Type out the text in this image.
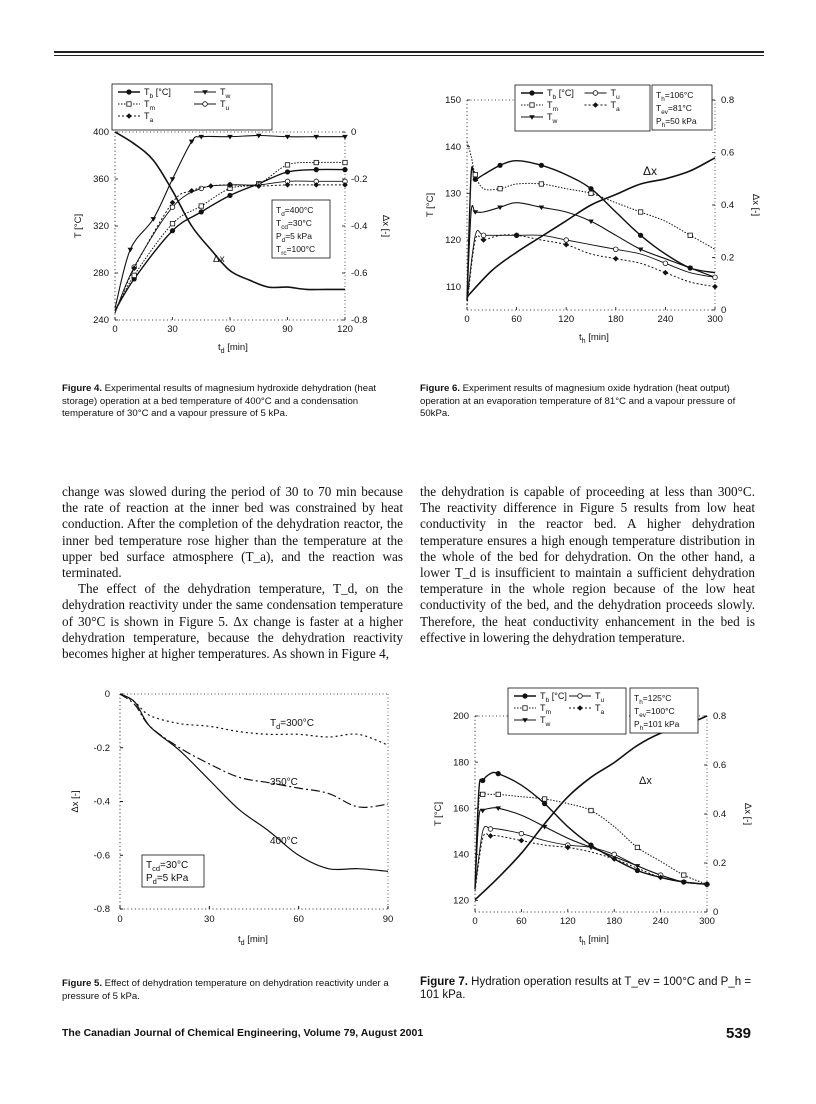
0	30	60	90	120
240
280
320
360
400
-0.8
-0.6
-0.4
-0.2
0
Δx [-]
$t_d$ [min]
T [°C]
$T_b$ [°C]	$T_w$
$T_m$	$T_u$
$T_a$
$T_d=400^\circ C$
$T_{cd}=30^\circ C$
$P_d=5$ kPa
$T_{rc}=100^\circ C$
Δx
Figure 4. Experimental results of magnesium hydroxide dehydration (heat storage) operation at a bed temperature of 400°C and a condensation temperature of 30°C and a vapour pressure of 5 kPa.
0	60	120	180	240	300
110
120
130
140
150
0
0.2
0.4
0.6
0.8
Δx [-]
$t_h$ [min]
T [°C]
$T_b$ [°C]	$T_u$
$T_m$	$T_a$
$T_w$
$T_h=106^\circ C$
$T_{ev}=81^\circ C$
$P_h=50$ kPa
Δx
Figure 6. Experiment results of magnesium oxide hydration (heat output) operation at an evaporation temperature of 81°C and a vapour pressure of 50kPa.

change was slowed during the period of 30 to 70 min because the rate of reaction at the inner bed was constrained by heat conduction. After the completion of the dehydration reactor, the inner bed temperature rose higher than the temperature at the upper bed surface atmosphere (T_a), and the reaction was terminated.

The effect of the dehydration temperature, T_d, on the dehydration reactivity under the same condensation temperature of 30°C is shown in Figure 5. Δx change is faster at a higher dehydration temperature, because the dehydration reactivity becomes higher at higher temperatures. As shown in Figure 4,

the dehydration is capable of proceeding at less than 300°C. The reactivity difference in Figure 5 results from low heat conductivity in the reactor bed. A higher dehydration temperature ensures a high enough temperature distribution in the whole of the bed for dehydration. On the other hand, a lower T_d is insufficient to maintain a sufficient dehydration temperature in the whole region because of the low heat conductivity of the bed, and the dehydration proceeds slowly. Therefore, the heat conductivity enhancement in the bed is effective in lowering the dehydration temperature.

0	30	60	90
0
-0.2
-0.4
-0.6
-0.8
$t_d$ [min]
Δx [-]
$T_d=300^\circ C$
350°C
400°C
$T_{cd}=30^\circ C$
$P_d=5$ kPa
Figure 5. Effect of dehydration temperature on dehydration reactivity under a pressure of 5 kPa.
0	60	120	180	240	300
120
140
160
180
200
0
0.2
0.4
0.6
0.8
Δx [-]
$t_h$ [min]
T [°C]
$T_b$ [°C]	$T_u$
$T_m$	$T_a$
$T_w$
$T_h=125^\circ C$
$T_{ev}=100^\circ C$
$P_h=101$ kPa
Δx
Figure 7. Hydration operation results at T_ev = 100°C and P_h = 101 kPa.
The Canadian Journal of Chemical Engineering, Volume 79, August 2001	539
